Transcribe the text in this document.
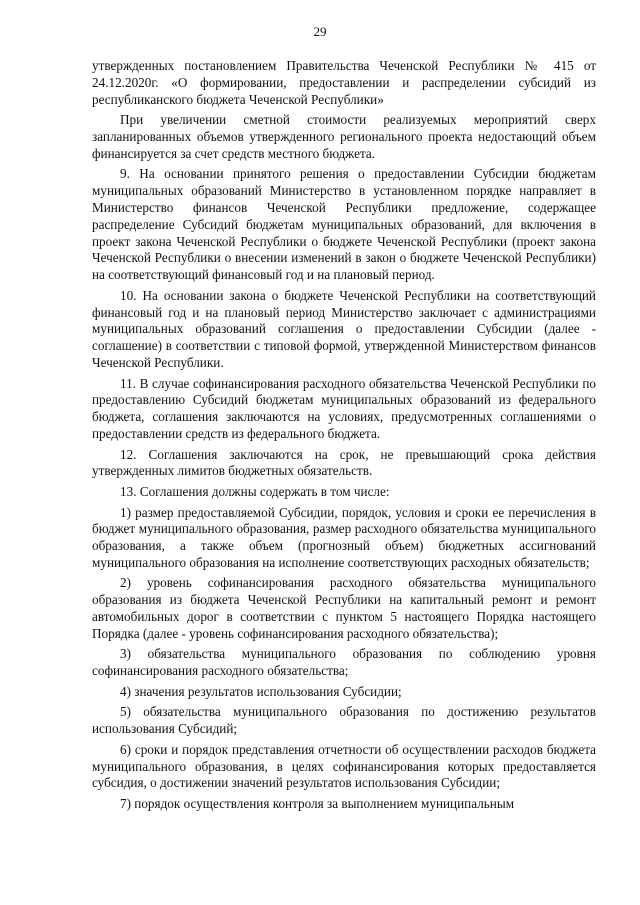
29

утвержденных постановлением Правительства Чеченской Республики № 415 от 24.12.2020г. «О формировании, предоставлении и распределении субсидий из республиканского бюджета Чеченской Республики»

При увеличении сметной стоимости реализуемых мероприятий сверх запланированных объемов утвержденного регионального проекта недостающий объем финансируется за счет средств местного бюджета.

9. На основании принятого решения о предоставлении Субсидии бюджетам муниципальных образований Министерство в установленном порядке направляет в Министерство финансов Чеченской Республики предложение, содержащее распределение Субсидий бюджетам муниципальных образований, для включения в проект закона Чеченской Республики о бюджете Чеченской Республики (проект закона Чеченской Республики о внесении изменений в закон о бюджете Чеченской Республики) на соответствующий финансовый год и на плановый период.

10. На основании закона о бюджете Чеченской Республики на соответствующий финансовый год и на плановый период Министерство заключает с администрациями муниципальных образований соглашения о предоставлении Субсидии (далее - соглашение) в соответствии с типовой формой, утвержденной Министерством финансов Чеченской Республики.

11. В случае софинансирования расходного обязательства Чеченской Республики по предоставлению Субсидий бюджетам муниципальных образований из федерального бюджета, соглашения заключаются на условиях, предусмотренных соглашениями о предоставлении средств из федерального бюджета.

12. Соглашения заключаются на срок, не превышающий срока действия утвержденных лимитов бюджетных обязательств.

13. Соглашения должны содержать в том числе:

1) размер предоставляемой Субсидии, порядок, условия и сроки ее перечисления в бюджет муниципального образования, размер расходного обязательства муниципального образования, а также объем (прогнозный объем) бюджетных ассигнований муниципального образования на исполнение соответствующих расходных обязательств;

2) уровень софинансирования расходного обязательства муниципального образования из бюджета Чеченской Республики на капитальный ремонт и ремонт автомобильных дорог в соответствии с пунктом 5 настоящего Порядка настоящего Порядка (далее - уровень софинансирования расходного обязательства);

3) обязательства муниципального образования по соблюдению уровня софинансирования расходного обязательства;

4) значения результатов использования Субсидии;

5) обязательства муниципального образования по достижению результатов использования Субсидий;

6) сроки и порядок представления отчетности об осуществлении расходов бюджета муниципального образования, в целях софинансирования которых предоставляется субсидия, о достижении значений результатов использования Субсидии;

7) порядок осуществления контроля за выполнением муниципальным
